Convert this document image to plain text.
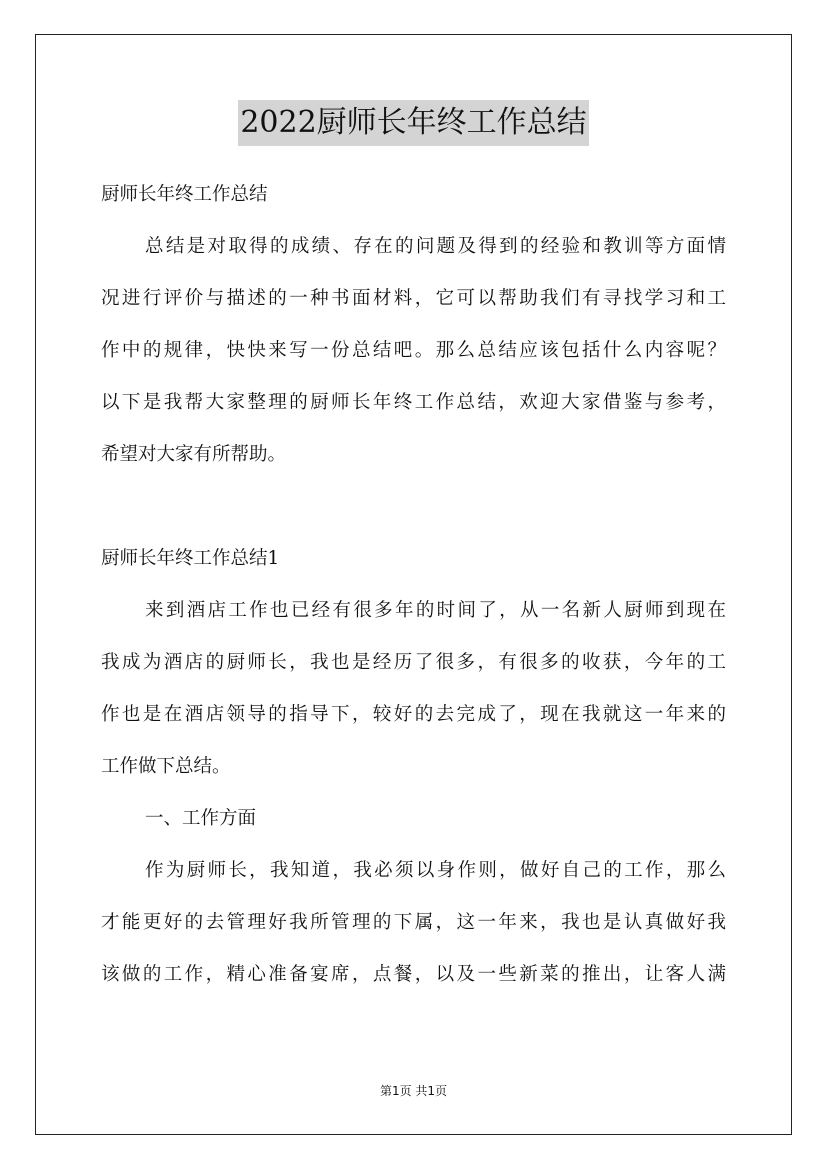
2022厨师长年终工作总结
厨师长年终工作总结
总结是对取得的成绩、存在的问题及得到的经验和教训等方面情
况进行评价与描述的一种书面材料，它可以帮助我们有寻找学习和工
作中的规律，快快来写一份总结吧。那么总结应该包括什么内容呢？
以下是我帮大家整理的厨师长年终工作总结，欢迎大家借鉴与参考，
希望对大家有所帮助。
厨师长年终工作总结1
来到酒店工作也已经有很多年的时间了，从一名新人厨师到现在
我成为酒店的厨师长，我也是经历了很多，有很多的收获，今年的工
作也是在酒店领导的指导下，较好的去完成了，现在我就这一年来的
工作做下总结。
一、工作方面
作为厨师长，我知道，我必须以身作则，做好自己的工作，那么
才能更好的去管理好我所管理的下属，这一年来，我也是认真做好我
该做的工作，精心准备宴席，点餐，以及一些新菜的推出，让客人满
第1页 共1页
